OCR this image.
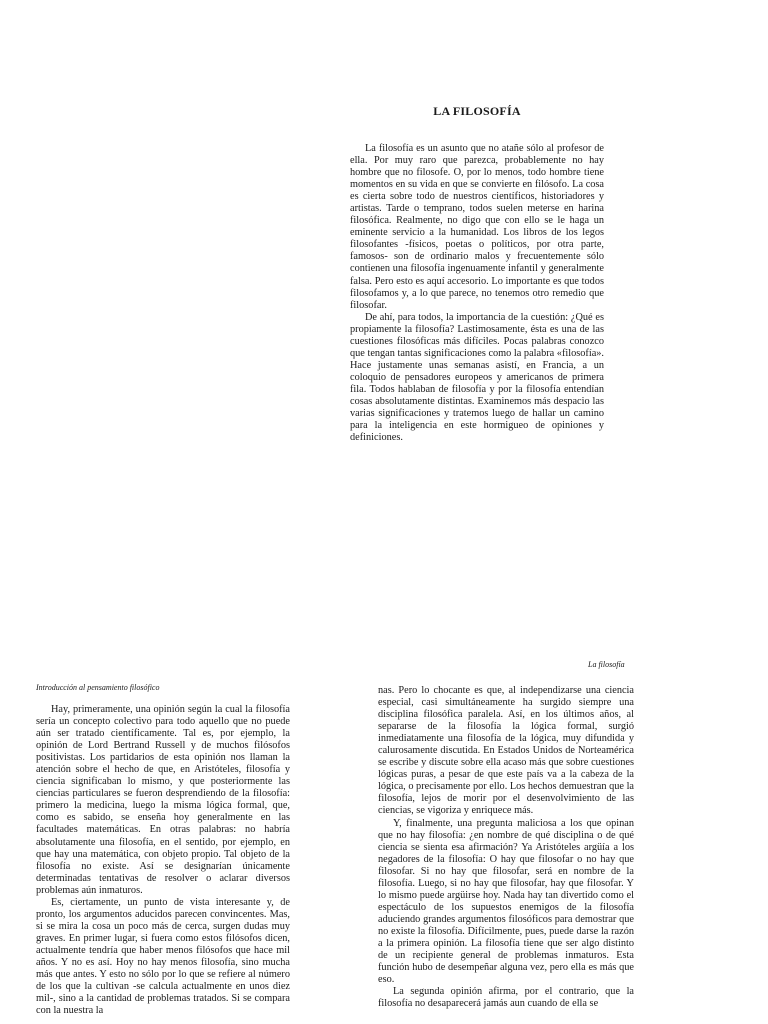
LA FILOSOFÍA

La filosofía es un asunto que no atañe sólo al profesor de ella. Por muy raro que parezca, probablemente no hay hombre que no filosofe. O, por lo menos, todo hombre tiene momentos en su vida en que se convierte en filósofo. La cosa es cierta sobre todo de nuestros científicos, historiadores y artistas. Tarde o temprano, todos suelen meterse en harina filosófica. Realmente, no digo que con ello se le haga un eminente servicio a la humanidad. Los libros de los legos filosofantes -físicos, poetas o políticos, por otra parte, famosos- son de ordinario malos y frecuentemente sólo contienen una filosofía ingenuamente infantil y generalmente falsa. Pero esto es aquí accesorio. Lo importante es que todos filosofamos y, a lo que parece, no tenemos otro remedio que filosofar.

De ahí, para todos, la importancia de la cuestión: ¿Qué es propiamente la filosofía? Lastimosamente, ésta es una de las cuestiones filosóficas más difíciles. Pocas palabras conozco que tengan tantas significaciones como la palabra «filosofía». Hace justamente unas semanas asistí, en Francia, a un coloquio de pensadores europeos y americanos de primera fila. Todos hablaban de filosofía y por la filosofía entendían cosas absolutamente distintas. Examinemos más despacio las varias significaciones y tratemos luego de hallar un camino para la inteligencia en este hormigueo de opiniones y definiciones.

La filosofía
Introducción al pensamiento filosófico

Hay, primeramente, una opinión según la cual la filosofía sería un concepto colectivo para todo aquello que no puede aún ser tratado científicamente. Tal es, por ejemplo, la opinión de Lord Bertrand Russell y de muchos filósofos positivistas. Los partidarios de esta opinión nos llaman la atención sobre el hecho de que, en Aristóteles, filosofía y ciencia significaban lo mismo, y que posteriormente las ciencias particulares se fueron desprendiendo de la filosofía: primero la medicina, luego la misma lógica formal, que, como es sabido, se enseña hoy generalmente en las facultades matemáticas. En otras palabras: no habría absolutamente una filosofía, en el sentido, por ejemplo, en que hay una matemática, con objeto propio. Tal objeto de la filosofía no existe. Así se designarían únicamente determinadas tentativas de resolver o aclarar diversos problemas aún inmaturos.

Es, ciertamente, un punto de vista interesante y, de pronto, los argumentos aducidos parecen convincentes. Mas, si se mira la cosa un poco más de cerca, surgen dudas muy graves. En primer lugar, si fuera como estos filósofos dicen, actualmente tendría que haber menos filósofos que hace mil años. Y no es así. Hoy no hay menos filosofía, sino mucha más que antes. Y esto no sólo por lo que se refiere al número de los que la cultivan -se calcula actualmente en unos diez mil-, sino a la cantidad de problemas tratados. Si se compara con la nuestra la

nas. Pero lo chocante es que, al independizarse una ciencia especial, casi simultáneamente ha surgido siempre una disciplina filosófica paralela. Así, en los últimos años, al separarse de la filosofía la lógica formal, surgió inmediatamente una filosofía de la lógica, muy difundida y calurosamente discutida. En Estados Unidos de Norteamérica se escribe y discute sobre ella acaso más que sobre cuestiones lógicas puras, a pesar de que este país va a la cabeza de la lógica, o precisamente por ello. Los hechos demuestran que la filosofía, lejos de morir por el desenvolvimiento de las ciencias, se vigoriza y enriquece más.

Y, finalmente, una pregunta maliciosa a los que opinan que no hay filosofía: ¿en nombre de qué disciplina o de qué ciencia se sienta esa afirmación? Ya Aristóteles argüía a los negadores de la filosofía: O hay que filosofar o no hay que filosofar. Si no hay que filosofar, será en nombre de la filosofía. Luego, si no hay que filosofar, hay que filosofar. Y lo mismo puede argüirse hoy. Nada hay tan divertido como el espectáculo de los supuestos enemigos de la filosofía aduciendo grandes argumentos filosóficos para demostrar que no existe la filosofía. Difícilmente, pues, puede darse la razón a la primera opinión. La filosofía tiene que ser algo distinto de un recipiente general de problemas inmaturos. Esta función hubo de desempeñar alguna vez, pero ella es más que eso.

La segunda opinión afirma, por el contrario, que la filosofía no desaparecerá jamás aun cuando de ella se
